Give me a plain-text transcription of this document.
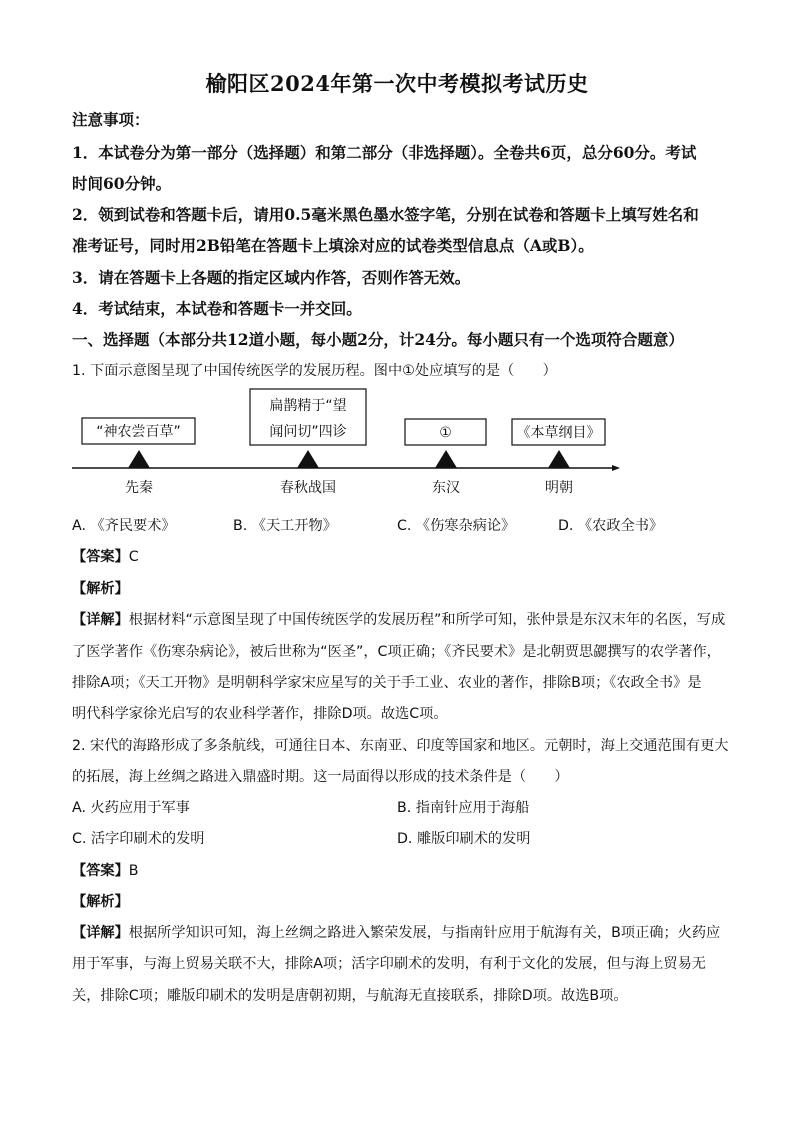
榆阳区2024年第一次中考模拟考试历史
注意事项：
1．本试卷分为第一部分（选择题）和第二部分（非选择题）。全卷共6页，总分60分。考试
时间60分钟。
2．领到试卷和答题卡后，请用0.5毫米黑色墨水签字笔，分别在试卷和答题卡上填写姓名和
准考证号，同时用2B铅笔在答题卡上填涂对应的试卷类型信息点（A或B）。
3．请在答题卡上各题的指定区域内作答，否则作答无效。
4．考试结束，本试卷和答题卡一并交回。
一、选择题（本部分共12道小题，每小题2分，计24分。每小题只有一个选项符合题意）
1. 下面示意图呈现了中国传统医学的发展历程。图中①处应填写的是（　　）
“神农尝百草”
扁鹊精于“望
闻问切”四诊	①	《本草纲目》
先秦	春秋战国	东汉	明朝
A. 《齐民要术》	B. 《天工开物》	C. 《伤寒杂病论》	D. 《农政全书》
【答案】C
【解析】
【详解】根据材料“示意图呈现了中国传统医学的发展历程”和所学可知，张仲景是东汉末年的名医，写成
了医学著作《伤寒杂病论》，被后世称为“医圣”，C项正确；《齐民要术》是北朝贾思勰撰写的农学著作，
排除A项；《天工开物》是明朝科学家宋应星写的关于手工业、农业的著作，排除B项；《农政全书》是
明代科学家徐光启写的农业科学著作，排除D项。故选C项。
2. 宋代的海路形成了多条航线，可通往日本、东南亚、印度等国家和地区。元朝时，海上交通范围有更大
的拓展，海上丝绸之路进入鼎盛时期。这一局面得以形成的技术条件是（　　）
A. 火药应用于军事	B. 指南针应用于海船
C. 活字印刷术的发明	D. 雕版印刷术的发明
【答案】B
【解析】
【详解】根据所学知识可知，海上丝绸之路进入繁荣发展，与指南针应用于航海有关，B项正确；火药应
用于军事，与海上贸易关联不大，排除A项；活字印刷术的发明，有利于文化的发展，但与海上贸易无
关，排除C项；雕版印刷术的发明是唐朝初期，与航海无直接联系，排除D项。故选B项。
